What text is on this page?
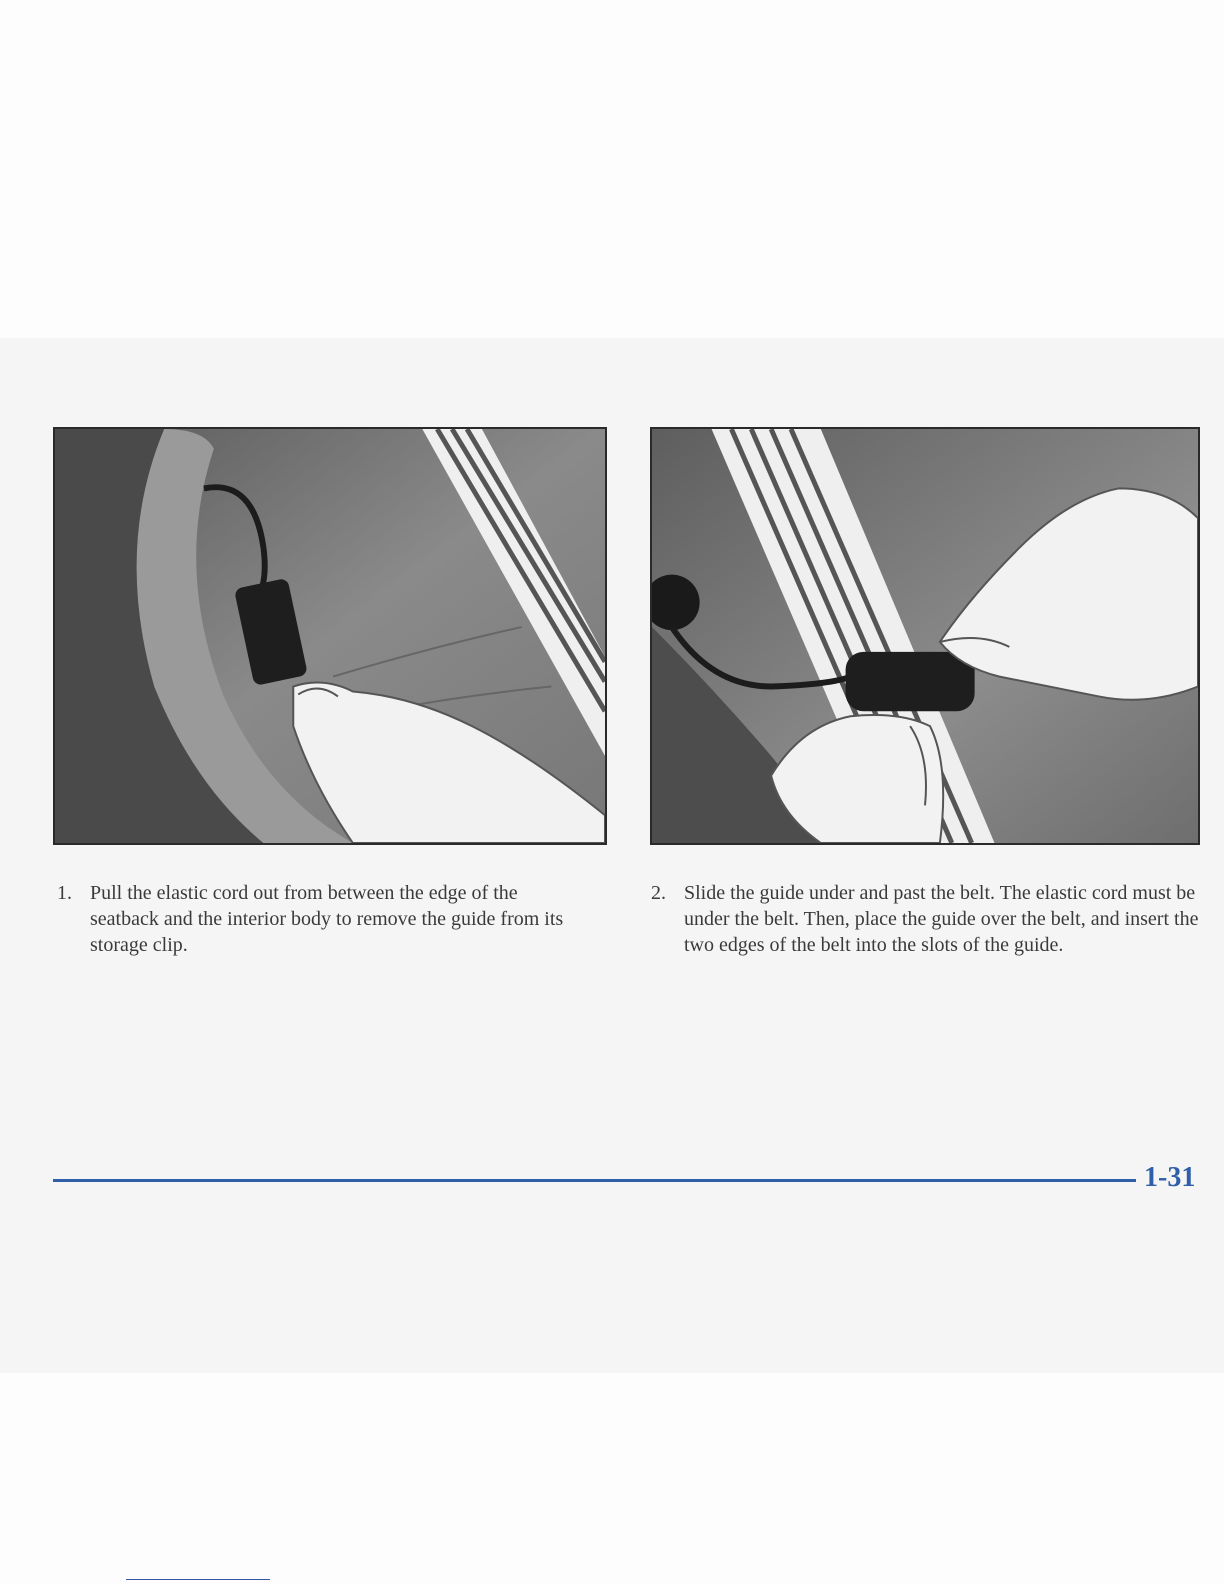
1. Pull the elastic cord out from between the edge of the seatback and the interior body to remove the guide from its storage clip.
2. Slide the guide under and past the belt. The elastic cord must be under the belt. Then, place the guide over the belt, and insert the two edges of the belt into the slots of the guide.
1-31
